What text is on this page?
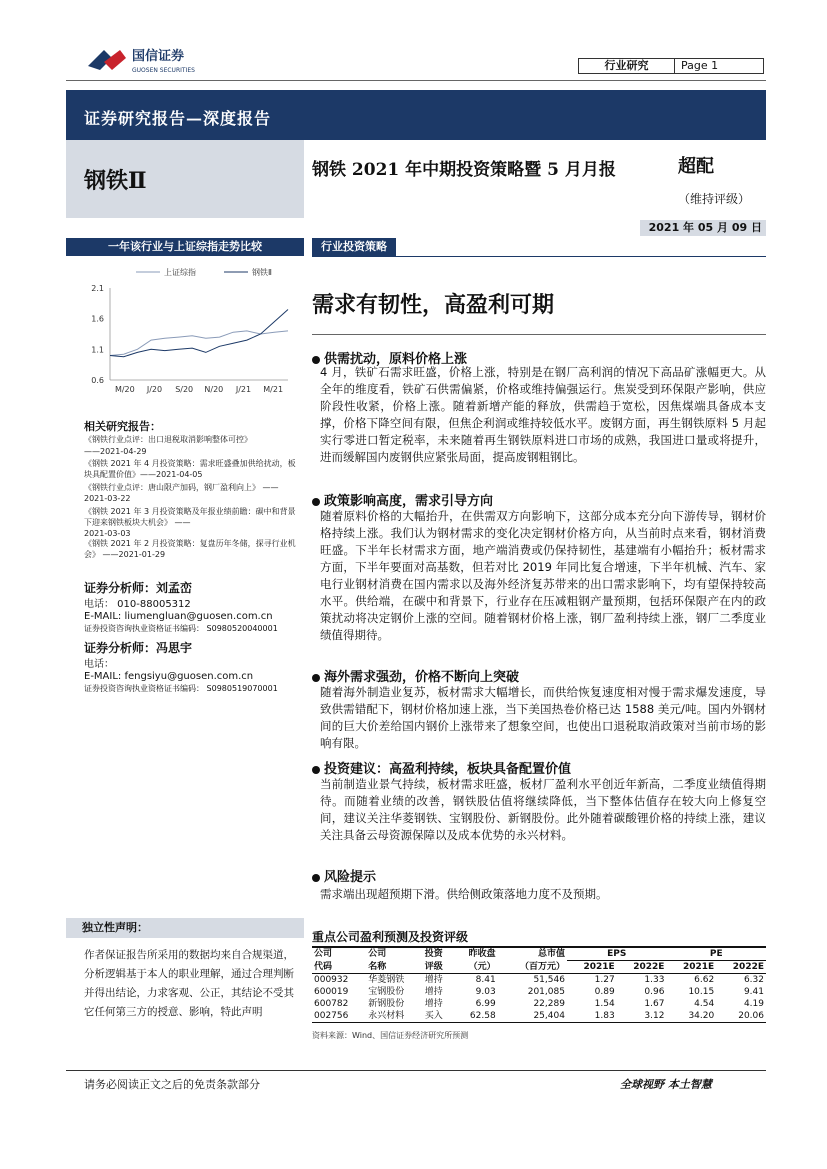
国信证券
GUOSEN SECURITIES	行业研究	Page 1
证券研究报告—深度报告
钢铁Ⅱ	钢铁 2021 年中期投资策略暨 5 月月报	超配
（维持评级）
2021 年 05 月 09 日
一年该行业与上证综指走势比较
2.1
1.6
1.1
0.6
M/20 J/20 S/20 N/20 J/21 M/21
上证综指	钢铁Ⅱ
相关研究报告：
《钢铁行业点评：出口退税取消影响整体可控》
——2021-04-29
《钢铁 2021 年 4 月投资策略：需求旺盛叠加供给扰动，板块具配置价值》——2021-04-05
《钢铁行业点评：唐山限产加码，钢厂盈利向上》 ——2021-03-22
《钢铁 2021 年 3 月投资策略及年报业绩前瞻：碳中和背景下迎来钢铁板块大机会》 ——
2021-03-03
《钢铁 2021 年 2 月投资策略：复盘历年冬储，探寻行业机会》 ——2021-01-29
证券分析师：刘孟峦
电话： 010-88005312
E-MAIL: liumengluan@guosen.com.cn
证券投资咨询执业资格证书编码： S0980520040001
证券分析师：冯思宇
电话：
E-MAIL: fengsiyu@guosen.com.cn
证券投资咨询执业资格证书编码： S0980519070001
独立性声明：
作者保证报告所采用的数据均来自合规渠道，分析逻辑基于本人的职业理解，通过合理判断并得出结论，力求客观、公正，其结论不受其它任何第三方的授意、影响，特此声明
行业投资策略
需求有韧性，高盈利可期
供需扰动，原料价格上涨
4 月，铁矿石需求旺盛，价格上涨，特别是在钢厂高利润的情况下高品矿涨幅更大。从全年的维度看，铁矿石供需偏紧，价格或维持偏强运行。焦炭受到环保限产影响，供应阶段性收紧，价格上涨。随着新增产能的释放，供需趋于宽松，因焦煤端具备成本支撑，价格下降空间有限，但焦企利润或维持较低水平。废钢方面，再生钢铁原料 5 月起实行零进口暂定税率，未来随着再生钢铁原料进口市场的成熟，我国进口量或将提升，进而缓解国内废钢供应紧张局面，提高废钢粗钢比。
政策影响高度，需求引导方向
随着原料价格的大幅抬升，在供需双方向影响下，这部分成本充分向下游传导，钢材价格持续上涨。我们认为钢材需求的变化决定钢材价格方向，从当前时点来看，钢材消费旺盛。下半年长材需求方面，地产端消费或仍保持韧性，基建端有小幅抬升；板材需求方面，下半年要面对高基数，但若对比 2019 年同比复合增速，下半年机械、汽车、家电行业钢材消费在国内需求以及海外经济复苏带来的出口需求影响下，均有望保持较高水平。供给端，在碳中和背景下，行业存在压减粗钢产量预期，包括环保限产在内的政策扰动将决定钢价上涨的空间。随着钢材价格上涨，钢厂盈利持续上涨，钢厂二季度业绩值得期待。
海外需求强劲，价格不断向上突破
随着海外制造业复苏，板材需求大幅增长，而供给恢复速度相对慢于需求爆发速度，导致供需错配下，钢材价格加速上涨，当下美国热卷价格已达 1588 美元/吨。国内外钢材间的巨大价差给国内钢价上涨带来了想象空间，也使出口退税取消政策对当前市场的影响有限。
投资建议：高盈利持续，板块具备配置价值
当前制造业景气持续，板材需求旺盛，板材厂盈利水平创近年新高，二季度业绩值得期待。而随着业绩的改善，钢铁股估值将继续降低，当下整体估值存在较大向上修复空间，建议关注华菱钢铁、宝钢股份、新钢股份。此外随着碳酸锂价格的持续上涨，建议关注具备云母资源保障以及成本优势的永兴材料。
风险提示
需求端出现超预期下滑。供给侧政策落地力度不及预期。
重点公司盈利预测及投资评级
公司	公司	投资	昨收盘	总市值	EPS		PE	
代码	名称	评级	（元）	（百万元）	2021E	2022E	2021E	2022E
000932	华菱钢铁	增持	8.41	51,546	1.27	1.33	6.62	6.32
600019	宝钢股份	增持	9.03	201,085	0.89	0.96	10.15	9.41
600782	新钢股份	增持	6.99	22,289	1.54	1.67	4.54	4.19
002756	永兴材料	买入	62.58	25,404	1.83	3.12	34.20	20.06
资料来源：Wind、国信证券经济研究所预测
请务必阅读正文之后的免责条款部分	全球视野 本土智慧
